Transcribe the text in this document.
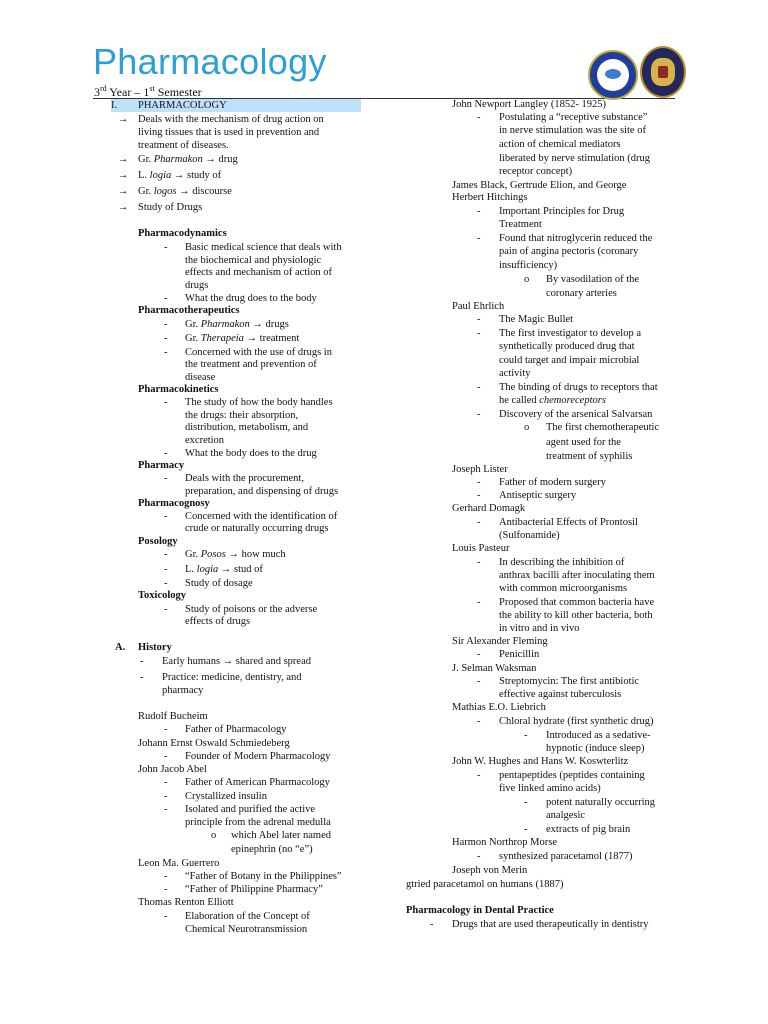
Pharmacology
3rd Year – 1st Semester
I. PHARMACOLOGY

→ Deals with the mechanism of drug action on
living tissues that is used in prevention and
treatment of diseases.
→ Gr. Pharmakon → drug
→ L. logia → study of
→ Gr. logos → discourse
→ Study of Drugs
Pharmacodynamics
- Basic medical science that deals with
the biochemical and physiologic
effects and mechanism of action of
drugs
- What the drug does to the body
Pharmacotherapeutics
- Gr. Pharmakon → drugs
- Gr. Therapeia → treatment
- Concerned with the use of drugs in
the treatment and prevention of
disease
Pharmacokinetics
- The study of how the body handles
the drugs: their absorption,
distribution, metabolism, and
excretion
- What the body does to the drug
Pharmacy
- Deals with the procurement,
preparation, and dispensing of drugs
Pharmacognosy
- Concerned with the identification of
crude or naturally occurring drugs
Posology
- Gr. Posos → how much
- L. logia → stud of
- Study of dosage
Toxicology
- Study of poisons or the adverse
effects of drugs
A. History
- Early humans → shared and spread
- Practice: medicine, dentistry, and
pharmacy
Rudolf Bucheim
- Father of Pharmacology
Johann Ernst Oswald Schmiedeberg
- Founder of Modern Pharmacology
John Jacob Abel
- Father of American Pharmacology
- Crystallized insulin
- Isolated and purified the active
principle from the adrenal medulla
o which Abel later named
epinephrin (no “e”)
Leon Ma. Guerrero
- “Father of Botany in the Philippines”
- “Father of Philippine Pharmacy”
Thomas Renton Elliott
- Elaboration of the Concept of
Chemical Neurotransmission
John Newport Langley (1852- 1925)
- Postulating a “receptive substance”
in nerve stimulation was the site of
action of chemical mediators
liberated by nerve stimulation (drug
receptor concept)
James Black, Gertrude Elion, and George
Herbert Hitchings
- Important Principles for Drug
Treatment
- Found that nitroglycerin reduced the
pain of angina pectoris (coronary
insufficiency)
o By vasodilation of the
coronary arteries
Paul Ehrlich
- The Magic Bullet
- The first investigator to develop a
synthetically produced drug that
could target and impair microbial
activity
- The binding of drugs to receptors that
he called chemoreceptors
- Discovery of the arsenical Salvarsan
o The first chemotherapeutic
agent used for the
treatment of syphilis
Joseph Lister
- Father of modern surgery
- Antiseptic surgery
Gerhard Domagk
- Antibacterial Effects of Prontosil
(Sulfonamide)
Louis Pasteur
- In describing the inhibition of
anthrax bacilli after inoculating them
with common microorganisms
- Proposed that common bacteria have
the ability to kill other bacteria, both
in vitro and in vivo
Sir Alexander Fleming
- Penicillin
J. Selman Waksman
- Streptomycin: The first antibiotic
effective against tuberculosis
Mathias E.O. Liebrich
- Chloral hydrate (first synthetic drug)
- Introduced as a sedative-
hypnotic (induce sleep)
John W. Hughes and Hans W. Koswterlitz
- pentapeptides (peptides containing
five linked amino acids)
- potent naturally occurring
analgesic
- extracts of pig brain
Harmon Northrop Morse
- synthesized paracetamol (1877)
Joseph von Merin
gtried paracetamol on humans (1887)
Pharmacology in Dental Practice
- Drugs that are used therapeutically in dentistry
